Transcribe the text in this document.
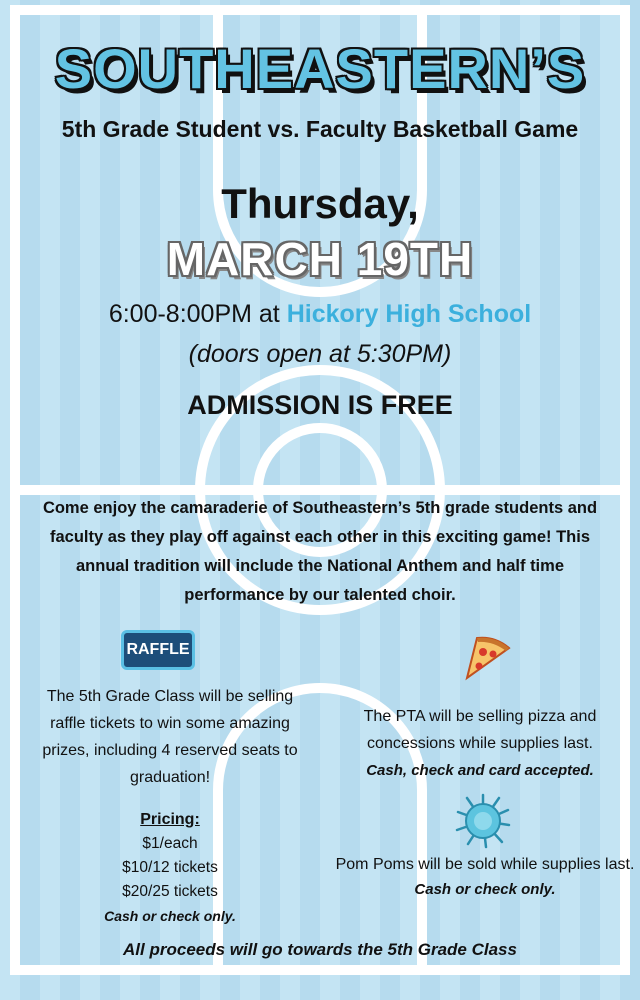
SOUTHEASTERN’S
5th Grade Student vs. Faculty Basketball Game
Thursday,
MARCH 19TH
6:00-8:00PM at Hickory High School
(doors open at 5:30PM)
ADMISSION IS FREE
Come enjoy the camaraderie of Southeastern’s 5th grade students and faculty as they play off against each other in this exciting game! This annual tradition will include the National Anthem and half time performance by our talented choir.
RAFFLE
The 5th Grade Class will be selling raffle tickets to win some amazing prizes, including 4 reserved seats to graduation!
Pricing:
$1/each
$10/12 tickets
$20/25 tickets
Cash or check only.
The PTA will be selling pizza and concessions while supplies last.
Cash, check and card accepted.
Pom Poms will be sold while supplies last.
Cash or check only.
All proceeds will go towards the 5th Grade Class
